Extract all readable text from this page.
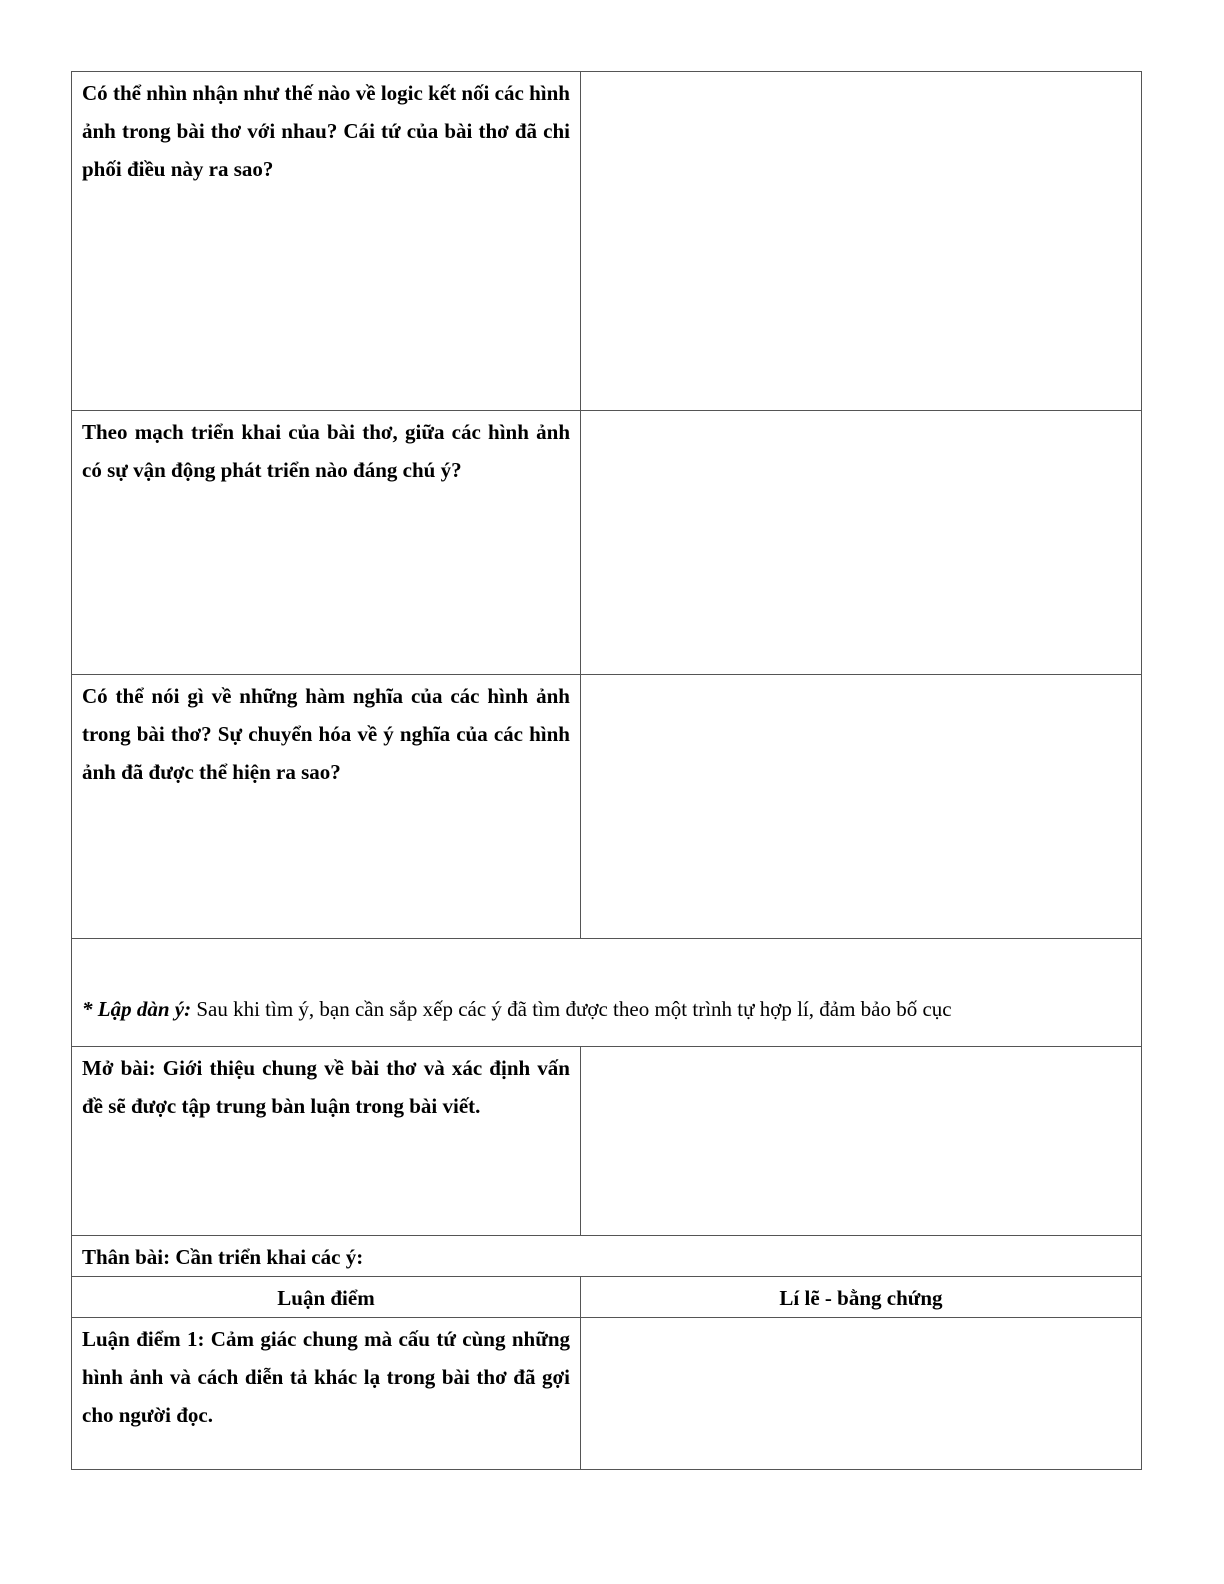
Có thể nhìn nhận như thế nào về logic kết nối các hình ảnh trong bài thơ với nhau? Cái tứ của bài thơ đã chi phối điều này ra sao?	
Theo mạch triển khai của bài thơ, giữa các hình ảnh có sự vận động phát triển nào đáng chú ý?	
Có thể nói gì về những hàm nghĩa của các hình ảnh trong bài thơ? Sự chuyển hóa về ý nghĩa của các hình ảnh đã được thể hiện ra sao?	
* Lập dàn ý: Sau khi tìm ý, bạn cần sắp xếp các ý đã tìm được theo một trình tự hợp lí, đảm bảo bố cục	
Mở bài: Giới thiệu chung về bài thơ và xác định vấn đề sẽ được tập trung bàn luận trong bài viết.	
Thân bài: Cần triển khai các ý:	
Luận điểm	Lí lẽ - bằng chứng
Luận điểm 1: Cảm giác chung mà cấu tứ cùng những hình ảnh và cách diễn tả khác lạ trong bài thơ đã gợi cho người đọc.	
